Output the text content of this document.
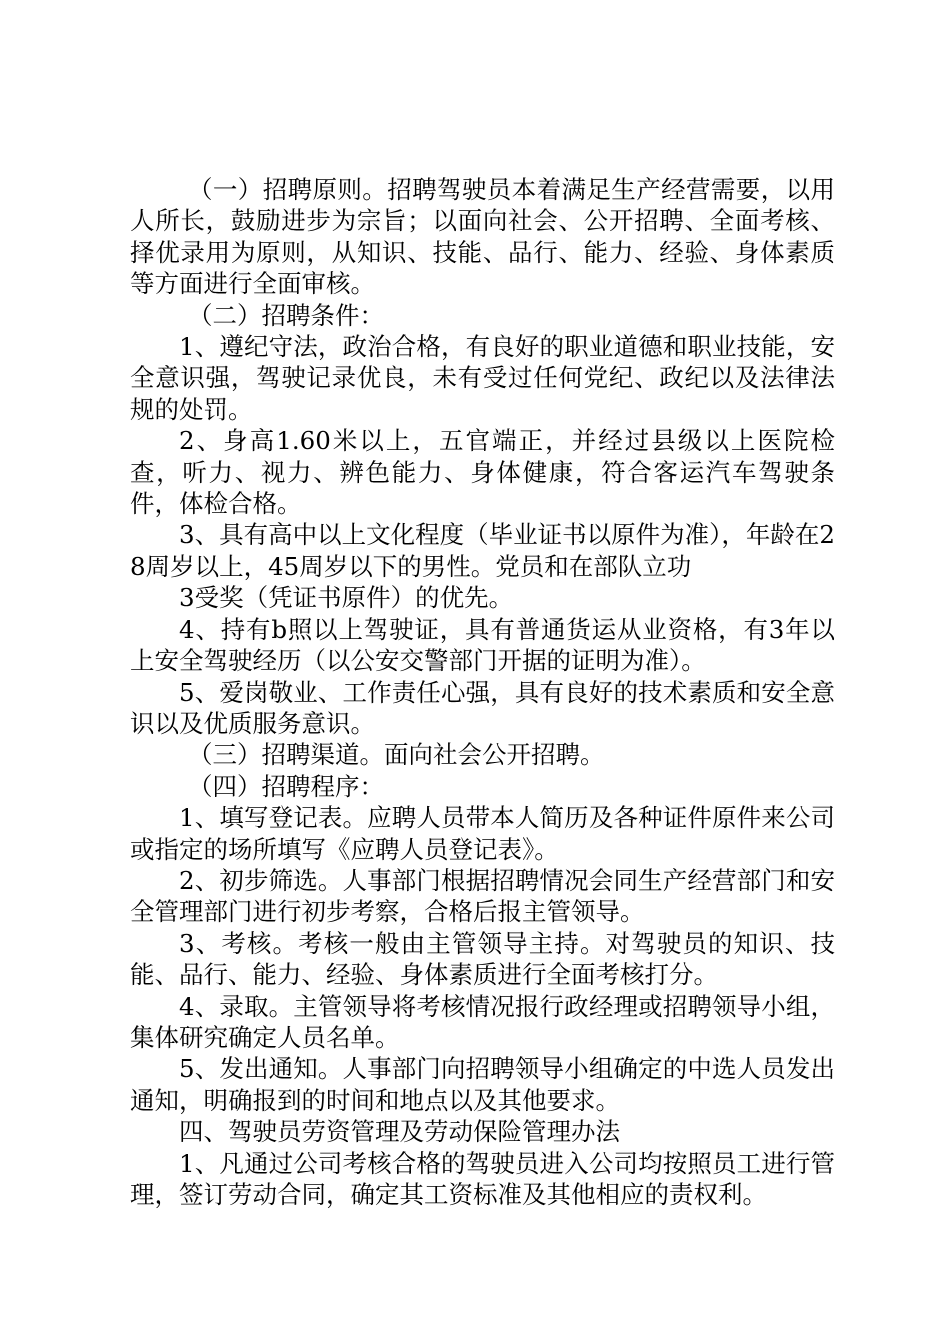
（一）招聘原则。招聘驾驶员本着满足生产经营需要，以用人所长，鼓励进步为宗旨；以面向社会、公开招聘、全面考核、择优录用为原则，从知识、技能、品行、能力、经验、身体素质等方面进行全面审核。

（二）招聘条件：

1、遵纪守法，政治合格，有良好的职业道德和职业技能，安全意识强，驾驶记录优良，未有受过任何党纪、政纪以及法律法规的处罚。

2、身高1.60米以上，五官端正，并经过县级以上医院检查，听力、视力、辨色能力、身体健康，符合客运汽车驾驶条件，体检合格。

3、具有高中以上文化程度（毕业证书以原件为准），年龄在28周岁以上，45周岁以下的男性。党员和在部队立功

3受奖（凭证书原件）的优先。

4、持有b照以上驾驶证，具有普通货运从业资格，有3年以上安全驾驶经历（以公安交警部门开据的证明为准）。

5、爱岗敬业、工作责任心强，具有良好的技术素质和安全意识以及优质服务意识。

（三）招聘渠道。面向社会公开招聘。

（四）招聘程序：

1、填写登记表。应聘人员带本人简历及各种证件原件来公司或指定的场所填写《应聘人员登记表》。

2、初步筛选。人事部门根据招聘情况会同生产经营部门和安全管理部门进行初步考察，合格后报主管领导。

3、考核。考核一般由主管领导主持。对驾驶员的知识、技能、品行、能力、经验、身体素质进行全面考核打分。

4、录取。主管领导将考核情况报行政经理或招聘领导小组，集体研究确定人员名单。

5、发出通知。人事部门向招聘领导小组确定的中选人员发出通知，明确报到的时间和地点以及其他要求。

四、驾驶员劳资管理及劳动保险管理办法

1、凡通过公司考核合格的驾驶员进入公司均按照员工进行管理，签订劳动合同，确定其工资标准及其他相应的责权利。
